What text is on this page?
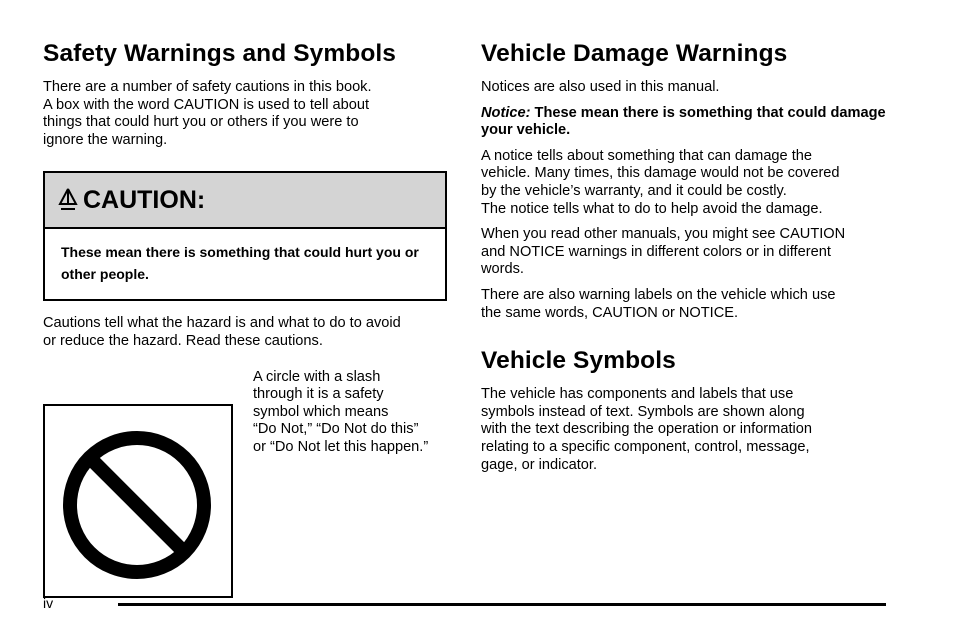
Safety Warnings and Symbols

There are a number of safety cautions in this book.
A box with the word CAUTION is used to tell about
things that could hurt you or others if you were to
ignore the warning.

CAUTION:
These mean there is something that could hurt you or other people.

Cautions tell what the hazard is and what to do to avoid
or reduce the hazard. Read these cautions.

A circle with a slash
through it is a safety
symbol which means
“Do Not,” “Do Not do this”
or “Do Not let this happen.”
Vehicle Damage Warnings

Notices are also used in this manual.

Notice: These mean there is something that could damage your vehicle.

A notice tells about something that can damage the
vehicle. Many times, this damage would not be covered
by the vehicle’s warranty, and it could be costly.
The notice tells what to do to help avoid the damage.

When you read other manuals, you might see CAUTION
and NOTICE warnings in different colors or in different
words.

There are also warning labels on the vehicle which use
the same words, CAUTION or NOTICE.

Vehicle Symbols

The vehicle has components and labels that use
symbols instead of text. Symbols are shown along
with the text describing the operation or information
relating to a specific component, control, message,
gage, or indicator.

iv
